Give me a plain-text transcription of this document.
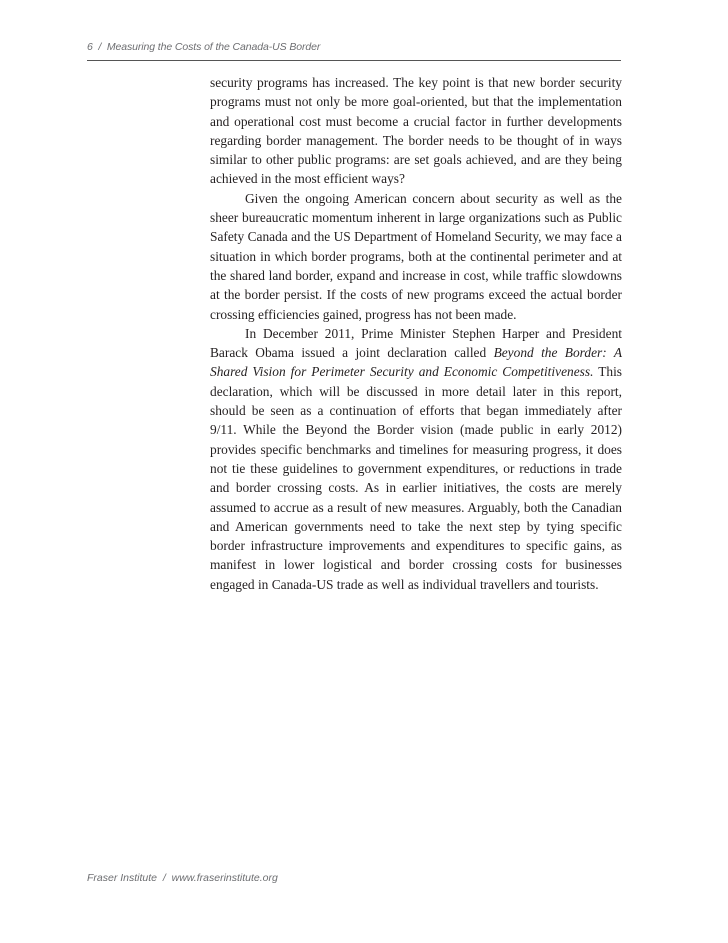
6 / Measuring the Costs of the Canada-US Border

security programs has increased. The key point is that new border security programs must not only be more goal-oriented, but that the implementation and operational cost must become a crucial factor in further developments regarding border management. The border needs to be thought of in ways similar to other public programs: are set goals achieved, and are they being achieved in the most efficient ways?

Given the ongoing American concern about security as well as the sheer bureaucratic momentum inherent in large organizations such as Public Safety Canada and the US Department of Homeland Security, we may face a situation in which border programs, both at the continental perimeter and at the shared land border, expand and increase in cost, while traffic slowdowns at the border persist. If the costs of new programs exceed the actual border crossing efficiencies gained, progress has not been made.

In December 2011, Prime Minister Stephen Harper and President Barack Obama issued a joint declaration called Beyond the Border: A Shared Vision for Perimeter Security and Economic Competitiveness. This declaration, which will be discussed in more detail later in this report, should be seen as a continuation of efforts that began immediately after 9/11. While the Beyond the Border vision (made public in early 2012) provides specific benchmarks and timelines for measuring progress, it does not tie these guidelines to government expenditures, or reductions in trade and border crossing costs. As in earlier initiatives, the costs are merely assumed to accrue as a result of new measures. Arguably, both the Canadian and American governments need to take the next step by tying specific border infrastructure improvements and expenditures to specific gains, as manifest in lower logistical and border crossing costs for businesses engaged in Canada-US trade as well as individual travellers and tourists.

Fraser Institute / www.fraserinstitute.org
